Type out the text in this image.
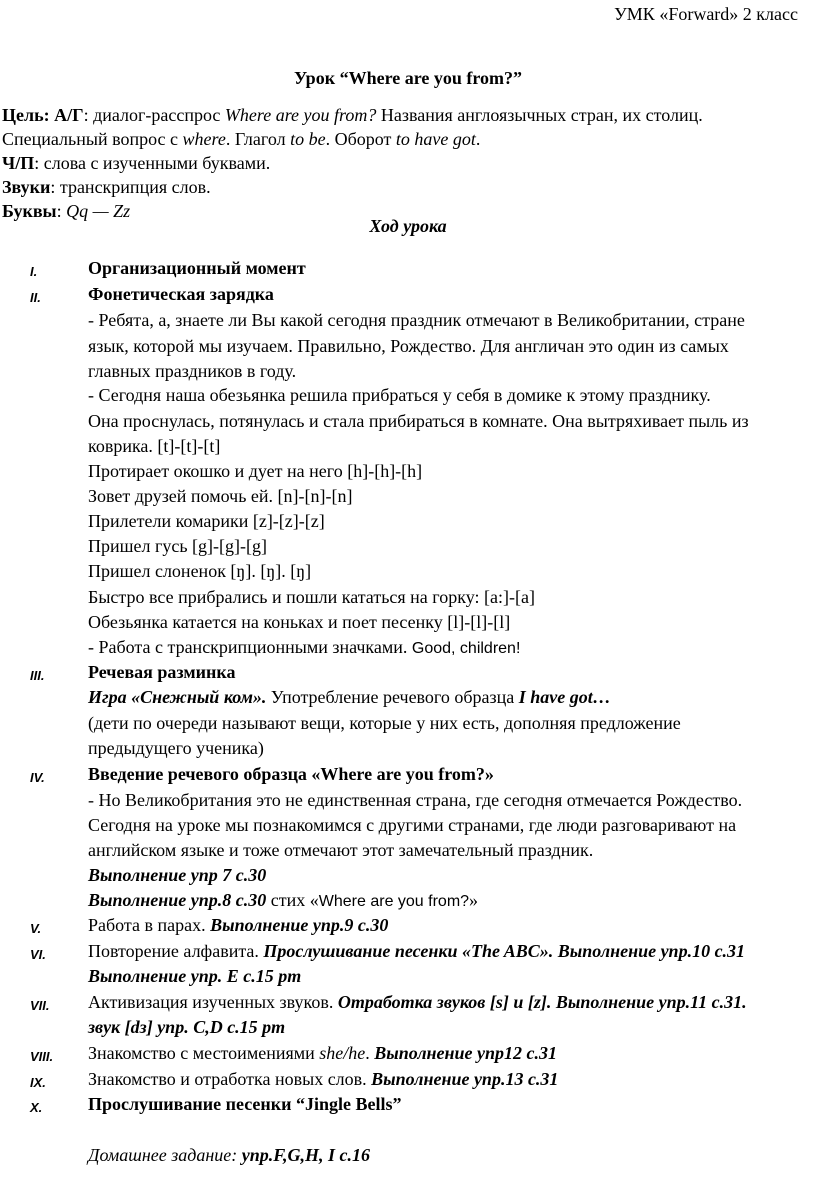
УМК «Forward» 2 класс
Урок “Where are you from?”
Цель: А/Г: диалог-расспрос Where are you from? Названия англоязычных стран, их столиц.
Специальный вопрос с where. Глагол to be. Оборот to have got.
Ч/П: слова с изученными буквами.
Звуки: транскрипция слов.
Буквы: Qq — Zz
Ход урока
I.	Организационный момент
II.	Фонетическая зарядка
- Ребята, а, знаете ли Вы какой сегодня праздник отмечают в Великобритании, стране
язык, которой мы изучаем. Правильно, Рождество. Для англичан это один из самых
главных праздников в году.
- Сегодня наша обезьянка решила прибраться у себя в домике к этому празднику.
Она проснулась, потянулась и стала прибираться в комнате. Она вытряхивает пыль из
коврика. [t]-[t]-[t]
Протирает окошко и дует на него [h]-[h]-[h]
Зовет друзей помочь ей. [n]-[n]-[n]
Прилетели комарики [z]-[z]-[z]
Пришел гусь [g]-[g]-[g]
Пришел слоненок [ŋ]. [ŋ]. [ŋ]
Быстро все прибрались и пошли кататься на горку: [a:]-[a]
Обезьянка катается на коньках и поет песенку [l]-[l]-[l]
- Работа с транскрипционными значками. Good, children!
III. Речевая разминка
Игра «Снежный ком». Употребление речевого образца I have got…
(дети по очереди называют вещи, которые у них есть, дополняя предложение
предыдущего ученика)
IV. Введение речевого образца «Where are you from?»
- Но Великобритания это не единственная страна, где сегодня отмечается Рождество.
Сегодня на уроке мы познакомимся с другими странами, где люди разговаривают на
английском языке и тоже отмечают этот замечательный праздник.
Выполнение упр 7 с.30
Выполнение упр.8 с.30 стих «Where are you from?»
V.	Работа в парах. Выполнение упр.9 с.30
VI. Повторение алфавита. Прослушивание песенки «The ABC». Выполнение упр.10 с.31
Выполнение упр. E с.15 pm
VII. Активизация изученных звуков. Отработка звуков [s] и [z]. Выполнение упр.11 с.31.
звук [dз] упр. C,D с.15 pm
VIII. Знакомство с местоимениями she/he. Выполнение упр12 с.31
IX. Знакомство и отработка новых слов. Выполнение упр.13 с.31
X.	Прослушивание песенки “Jingle Bells”
Домашнее задание: упр.F,G,H, I с.16
